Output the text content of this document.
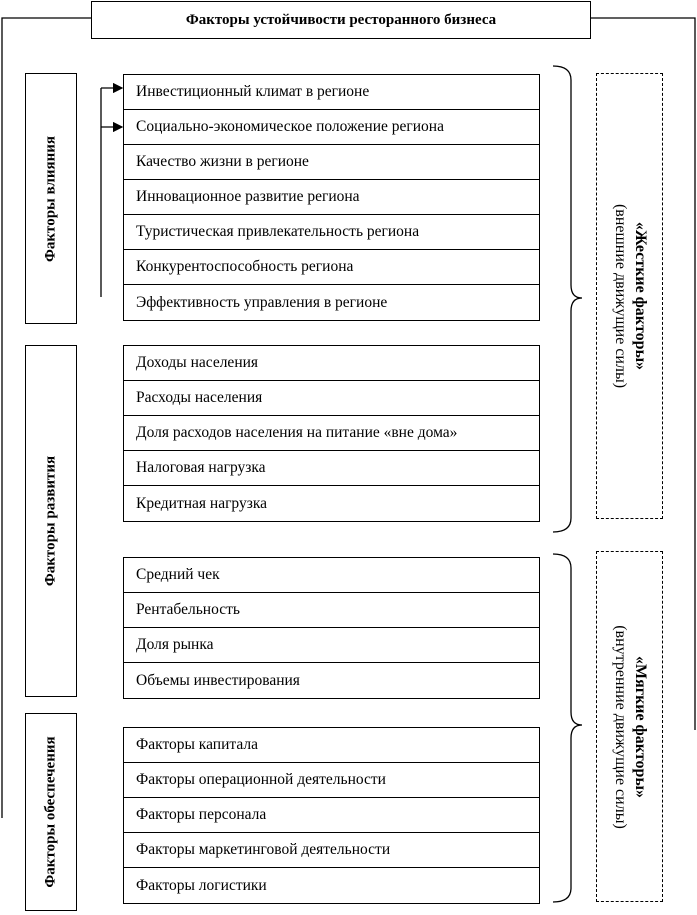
Факторы устойчивости ресторанного бизнеса
Факторы влияния
Факторы развития
Факторы обеспечения
Инвестиционный климат в регионе
Социально-экономическое положение региона
Качество жизни в регионе
Инновационное развитие региона
Туристическая привлекательность региона
Конкурентоспособность региона
Эффективность управления в регионе
Доходы населения
Расходы населения
Доля расходов населения на питание «вне дома»
Налоговая нагрузка
Кредитная нагрузка
Средний чек
Рентабельность
Доля рынка
Объемы инвестирования
Факторы капитала
Факторы операционной деятельности
Факторы персонала
Факторы маркетинговой деятельности
Факторы логистики
«Жесткие факторы»
(внешние движущие силы)
«Мягкие факторы»
(внутренние движущие силы)
